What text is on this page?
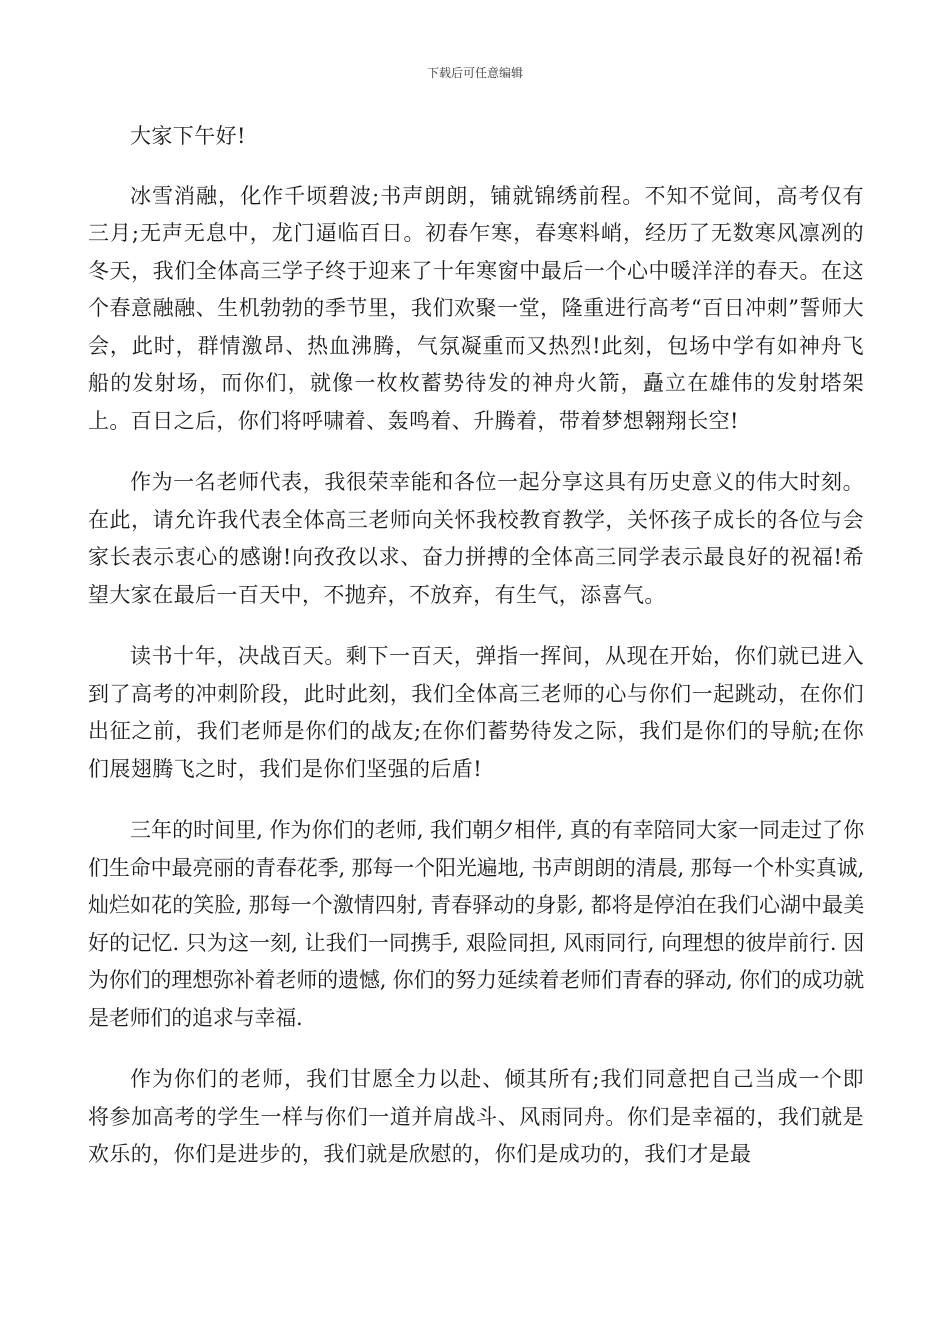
下载后可任意编辑

大家下午好!

冰雪消融，化作千顷碧波;书声朗朗，铺就锦绣前程。不知不觉间，高考仅有三月;无声无息中，龙门逼临百日。初春乍寒，春寒料峭，经历了无数寒风凛冽的冬天，我们全体高三学子终于迎来了十年寒窗中最后一个心中暖洋洋的春天。在这个春意融融、生机勃勃的季节里，我们欢聚一堂，隆重进行高考“百日冲刺”誓师大会，此时，群情激昂、热血沸腾，气氛凝重而又热烈!此刻，包场中学有如神舟飞船的发射场，而你们，就像一枚枚蓄势待发的神舟火箭，矗立在雄伟的发射塔架上。百日之后，你们将呼啸着、轰鸣着、升腾着，带着梦想翱翔长空!

作为一名老师代表，我很荣幸能和各位一起分享这具有历史意义的伟大时刻。在此，请允许我代表全体高三老师向关怀我校教育教学，关怀孩子成长的各位与会家长表示衷心的感谢!向孜孜以求、奋力拼搏的全体高三同学表示最良好的祝福!希望大家在最后一百天中，不抛弃，不放弃，有生气，添喜气。

读书十年，决战百天。剩下一百天，弹指一挥间，从现在开始，你们就已进入到了高考的冲刺阶段，此时此刻，我们全体高三老师的心与你们一起跳动，在你们出征之前，我们老师是你们的战友;在你们蓄势待发之际，我们是你们的导航;在你们展翅腾飞之时，我们是你们坚强的后盾!

三年的时间里, 作为你们的老师, 我们朝夕相伴, 真的有幸陪同大家一同走过了你们生命中最亮丽的青春花季, 那每一个阳光遍地, 书声朗朗的清晨, 那每一个朴实真诚, 灿烂如花的笑脸, 那每一个激情四射, 青春驿动的身影, 都将是停泊在我们心湖中最美好的记忆. 只为这一刻, 让我们一同携手, 艰险同担, 风雨同行, 向理想的彼岸前行. 因为你们的理想弥补着老师的遗憾, 你们的努力延续着老师们青春的驿动, 你们的成功就是老师们的追求与幸福.

作为你们的老师，我们甘愿全力以赴、倾其所有;我们同意把自己当成一个即将参加高考的学生一样与你们一道并肩战斗、风雨同舟。你们是幸福的，我们就是欢乐的，你们是进步的，我们就是欣慰的，你们是成功的，我们才是最
